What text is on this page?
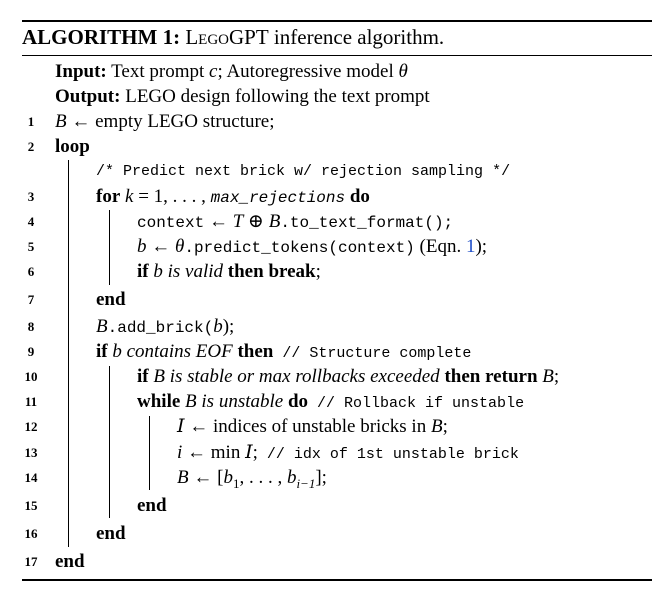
ALGORITHM 1: LegoGPT inference algorithm.
Input: Text prompt c; Autoregressive model θ
Output: LEGO design following the text prompt
1	B ← empty LEGO structure;
2	loop
/* Predict next brick w/ rejection sampling */
3	for k = 1, . . . , max_rejections do
4	context ← T ⊕ B.to_text_format();
5	b ← θ.predict_tokens(context) (Eqn. 1);
6	if b is valid then break;
7	end
8	B.add_brick(b);
9	if b contains EOF then // Structure complete
10	if B is stable or max rollbacks exceeded then return B;
11	while B is unstable do // Rollback if unstable
12	I ← indices of unstable bricks in B;
13	i ← min I; // idx of 1st unstable brick
14	B ← [$b_1$, . . . , $b_{i-1}$];
15	end
16	end
17 end
